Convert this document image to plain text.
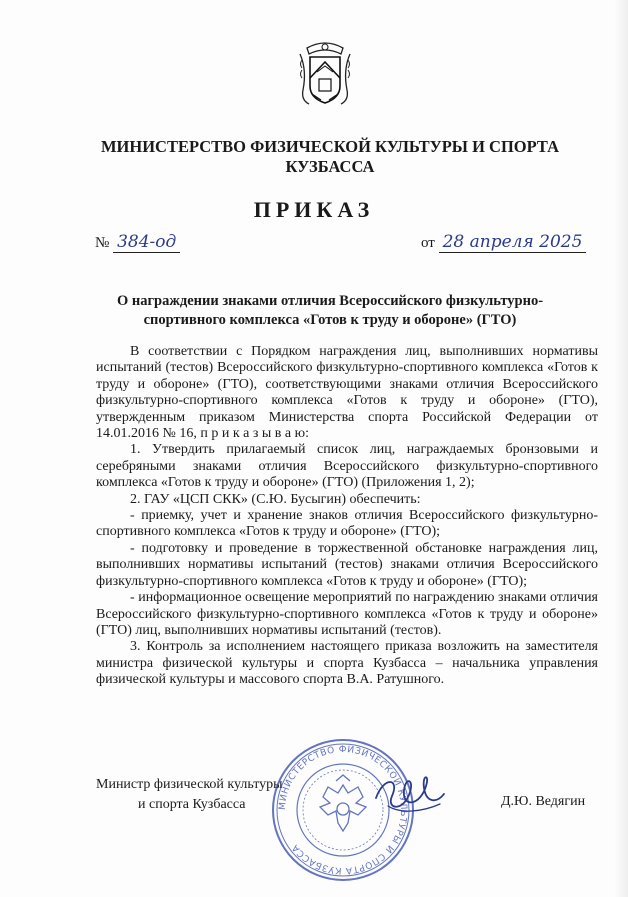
МИНИСТЕРСТВО ФИЗИЧЕСКОЙ КУЛЬТУРЫ И СПОРТА
КУЗБАССА
ПРИКАЗ
№ 384-од	от 28 апреля 2025
О награждении знаками отличия Всероссийского физкультурно-
спортивного комплекса «Готов к труду и обороне» (ГТО)

В соответствии с Порядком награждения лиц, выполнивших нормативы испытаний (тестов) Всероссийского физкультурно-спортивного комплекса «Готов к труду и обороне» (ГТО), соответствующими знаками отличия Всероссийского физкультурно-спортивного комплекса «Готов к труду и обороне» (ГТО), утвержденным приказом Министерства спорта Российской Федерации от 14.01.2016 № 16, п р и к а з ы в а ю:

1. Утвердить прилагаемый список лиц, награждаемых бронзовыми и серебряными знаками отличия Всероссийского физкультурно-спортивного комплекса «Готов к труду и обороне» (ГТО) (Приложения 1, 2);

2. ГАУ «ЦСП СКК» (С.Ю. Бусыгин) обеспечить:

- приемку, учет и хранение знаков отличия Всероссийского физкультурно-спортивного комплекса «Готов к труду и обороне» (ГТО);

- подготовку и проведение в торжественной обстановке награждения лиц, выполнивших нормативы испытаний (тестов) знаками отличия Всероссийского физкультурно-спортивного комплекса «Готов к труду и обороне» (ГТО);

- информационное освещение мероприятий по награждению знаками отличия Всероссийского физкультурно-спортивного комплекса «Готов к труду и обороне» (ГТО) лиц, выполнивших нормативы испытаний (тестов).

3. Контроль за исполнением настоящего приказа возложить на заместителя министра физической культуры и спорта Кузбасса – начальника управления физической культуры и массового спорта В.А. Ратушного.

МИНИСТЕРСТВО ФИЗИЧЕСКОЙ КУЛЬТУРЫ И СПОРТА КУЗБАССА
Министр физической культуры
и спорта Кузбасса	Д.Ю. Ведягин
